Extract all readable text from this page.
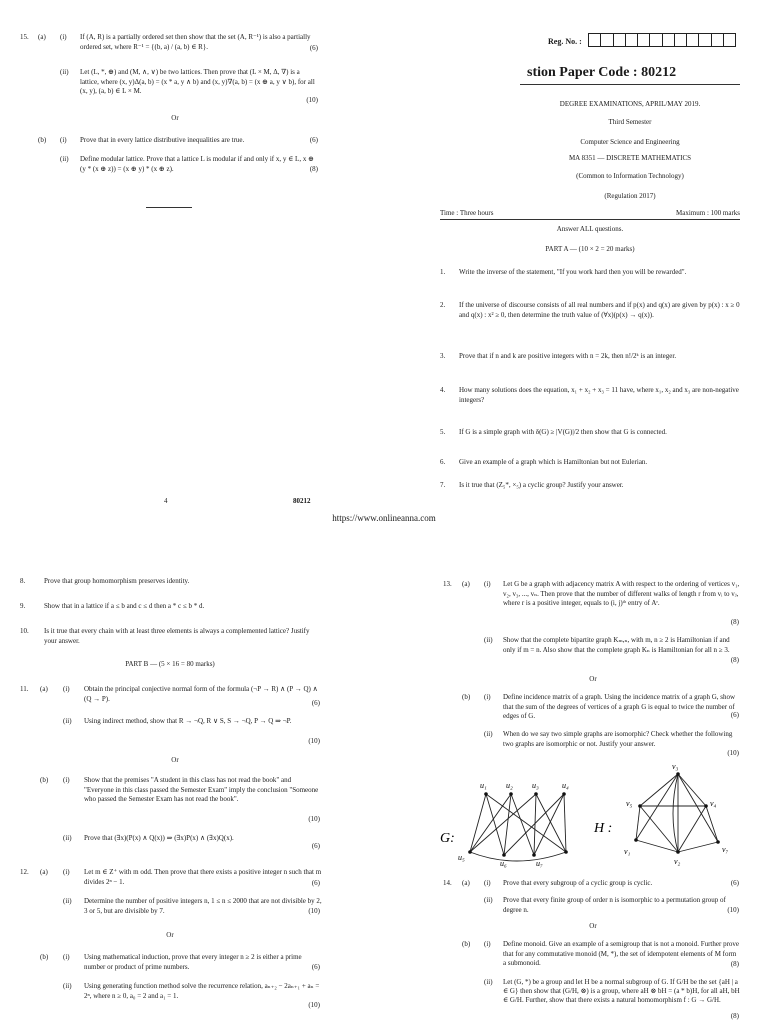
15. (a) (i) If (A, R) is a partially ordered set then show that the set (A, R⁻¹) is also a partially ordered set, where R⁻¹ = {(b, a) / (a, b) ∈ R}.	(6)
(ii) Let (L, *, ⊕) and (M, ∧, ∨) be two lattices. Then prove that (L × M, Δ, ∇) is a lattice, where (x, y)Δ(a, b) = (x * a, y ∧ b) and (x, y)∇(a, b) = (x ⊕ a, y ∨ b), for all (x, y), (a, b) ∈ L × M.
(10)
Or
(b) (i) Prove that in every lattice distributive inequalities are true.	(6)
(ii) Define modular lattice. Prove that a lattice L is modular if and only if x, y ∈ L, x ⊕ (y * (x ⊕ z)) = (x ⊕ y) * (x ⊕ z).	(8)
4	80212
Reg. No. :
stion Paper Code : 80212
DEGREE EXAMINATIONS, APRIL/MAY 2019.
Third Semester
Computer Science and Engineering
MA 8351 — DISCRETE MATHEMATICS
(Common to Information Technology)
(Regulation 2017)
Time : Three hours	Maximum : 100 marks
Answer ALL questions.
PART A — (10 × 2 = 20 marks)
1. Write the inverse of the statement, "If you work hard then you will be rewarded".
2. If the universe of discourse consists of all real numbers and if p(x) and q(x) are given by p(x) : x ≥ 0 and q(x) : x² ≥ 0, then determine the truth value of (∀x)(p(x) → q(x)).
3. Prove that if n and k are positive integers with n = 2k, then n!/2ᵏ is an integer.
4. How many solutions does the equation, x₁ + x₂ + x₃ = 11 have, where x₁, x₂ and x₃ are non-negative integers?
5. If G is a simple graph with δ(G) ≥ |V(G)|/2 then show that G is connected.
6. Give an example of a graph which is Hamiltonian but not Eulerian.
7. Is it true that (Z₅*, ×₅) a cyclic group? Justify your answer.
https://www.onlineanna.com
8.	Prove that group homomorphism preserves identity.
9.	Show that in a lattice if a ≤ b and c ≤ d then a * c ≤ b * d.
10. Is it true that every chain with at least three elements is always a complemented lattice? Justify your answer.
PART B — (5 × 16 = 80 marks)
11. (a) (i) Obtain the principal conjective normal form of the formula (¬P → R) ∧ (P → Q) ∧ (Q → P).
(6)
(ii) Using indirect method, show that R → ¬Q, R ∨ S, S → ¬Q, P → Q ⇒ ¬P.
(10)
Or
(b) (i) Show that the premises "A student in this class has not read the book" and "Everyone in this class passed the Semester Exam" imply the conclusion "Someone who passed the Semester Exam has not read the book".
(10)
(ii) Prove that (∃x)(P(x) ∧ Q(x)) ⇒ (∃x)P(x) ∧ (∃x)Q(x).
(6)
12. (a) (i) Let m ∈ Z⁺ with m odd. Then prove that there exists a positive integer n such that m divides 2ⁿ − 1.	(6)
(ii) Determine the number of positive integers n, 1 ≤ n ≤ 2000 that are not divisible by 2, 3 or 5, but are divisible by 7.	(10)
Or
(b) (i) Using mathematical induction, prove that every integer n ≥ 2 is either a prime number or product of prime numbers.	(6)
(ii) Using generating function method solve the recurrence relation, aₙ₊₂ − 2aₙ₊₁ + aₙ = 2ⁿ, where n ≥ 0, a₀ = 2 and a₁ = 1.
(10)
13. (a) (i) Let G be a graph with adjacency matrix A with respect to the ordering of vertices v₁, v₂, v₃, ..., vₙ. Then prove that the number of different walks of length r from vᵢ to vⱼ, where r is a positive integer, equals to (i, j)ᵗʰ entry of Aʳ.
(8)
(ii) Show that the complete bipartite graph Kₘ,ₙ, with m, n ≥ 2 is Hamiltonian if and only if m = n. Also show that the complete graph Kₙ is Hamiltonian for all n ≥ 3.
(8)
Or
(b) (i) Define incidence matrix of a graph. Using the incidence matrix of a graph G, show that the sum of the degrees of vertices of a graph G is equal to twice the number of edges of G.	(6)
(ii) When do we say two simple graphs are isomorphic? Check whether the following two graphs are isomorphic or not. Justify your answer.
(10)
G:
u₁ u₂ u₃	u₄
u₅
u₆	u₇
H :
v₃
v₅	v₄
v₁
v₂
v₇
14. (a) (i) Prove that every subgroup of a cyclic group is cyclic.	(6)
(ii) Prove that every finite group of order n is isomorphic to a permutation group of degree n.	(10)
Or
(b) (i) Define monoid. Give an example of a semigroup that is not a monoid. Further prove that for any commutative monoid (M, *), the set of idempotent elements of M form a submonoid.	(8)
(ii) Let (G, *) be a group and let H be a normal subgroup of G. If G/H be the set {aH | a ∈ G} then show that (G/H, ⊗) is a group, where aH ⊗ bH = (a * b)H, for all aH, bH ∈ G/H. Further, show that there exists a natural homomorphism f : G → G/H.
(8)
